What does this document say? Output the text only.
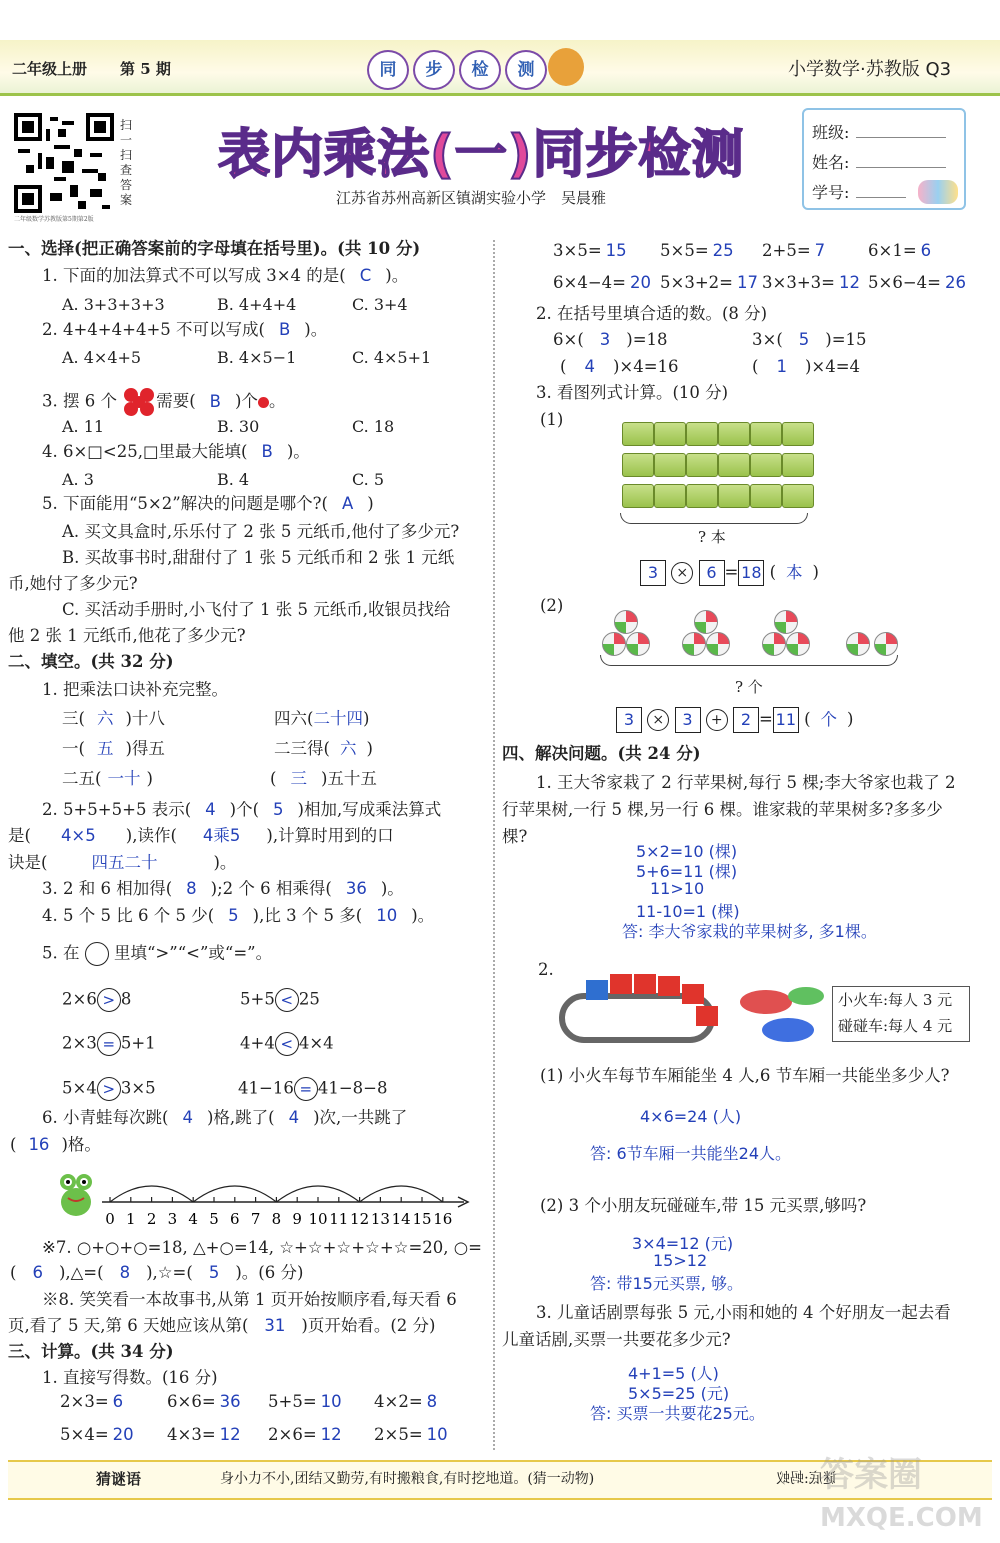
二年级上册 第 5 期	同	步	检	测	小学数学·苏教版 Q3
扫一扫 查答案
二年级数学苏教版第5期第2版
表内乘法(一)同步检测
江苏省苏州高新区镇湖实验小学　吴晨雅
班级:
姓名:
学号:
一、选择(把正确答案前的字母填在括号里)。(共 10 分)
1. 下面的加法算式不可以写成 3×4 的是( C )。
A. 3+3+3+3	B. 4+4+4	C. 3+4
2. 4+4+4+4+5 不可以写成( B )。
A. 4×4+5	B. 4×5−1	C. 4×5+1
3. 摆 6 个 需要( B )个 。
A. 11	B. 30	C. 18
4. 6×□<25,□里最大能填( B )。
A. 3	B. 4	C. 5
5. 下面能用“5×2”解决的问题是哪个?( A )
A. 买文具盒时,乐乐付了 2 张 5 元纸币,他付了多少元?
B. 买故事书时,甜甜付了 1 张 5 元纸币和 2 张 1 元纸
币,她付了多少元?
C. 买活动手册时,小飞付了 1 张 5 元纸币,收银员找给
他 2 张 1 元纸币,他花了多少元?
二、填空。(共 32 分)
1. 把乘法口诀补充完整。
三( 六 )十八	四六(二十四)
一( 五 )得五	二三得( 六 )
二五( 一十 )	( 三 )五十五
2. 5+5+5+5 表示( 4 )个( 5 )相加,写成乘法算式
是( 4×5 ),读作( 4乘5 ),计算时用到的口
诀是(	四五二十	)。
3. 2 和 6 相加得( 8 );2 个 6 相乘得( 36 )。
4. 5 个 5 比 6 个 5 少( 5 ),比 3 个 5 多( 10 )。
5. 在 里填“>”“<”或“=”。
2×6 > 8	5+5 < 25
2×3 = 5+1	4+4 < 4×4
5×4 > 3×5	41−16 = 41−8−8
6. 小青蛙每次跳( 4 )格,跳了( 4 )次,一共跳了
( 16 )格。
0 1 2 3 4 5 6 7 8 9 10 11 12 13 14 15 16
※7. ○+○+○=18, △+○=14, ☆+☆+☆+☆+☆=20, ○=
( 6 ),△=( 8 ),☆=( 5 )。(6 分)
※8. 笑笑看一本故事书,从第 1 页开始按顺序看,每天看 6
页,看了 5 天,第 6 天她应该从第( 31 )页开始看。(2 分)
三、计算。(共 34 分)
1. 直接写得数。(16 分)
2. 在括号里填合适的数。(8 分)
6×( 3 )=18	3×( 5 )=15
( 4 )×4=16	( 1 )×4=4
3. 看图列式计算。(10 分)
(1)
? 本
3 × 6 = 18 ( 本 )
(2)
? 个
3 × 3 + 2 = 11 ( 个 )
四、解决问题。(共 24 分)
1. 王大爷家栽了 2 行苹果树,每行 5 棵;李大爷家也栽了 2
行苹果树,一行 5 棵,另一行 6 棵。谁家栽的苹果树多?多多少
棵?
5×2=10 (棵)
5+6=11 (棵)
11>10
11-10=1 (棵)
答: 李大爷家栽的苹果树多, 多1棵。
2.
小火车:每人 3 元
碰碰车:每人 4 元
(1) 小火车每节车厢能坐 4 人,6 节车厢一共能坐多少人?
4×6=24 (人)
答: 6节车厢一共能坐24人。
(2) 3 个小朋友玩碰碰车,带 15 元买票,够吗?
3×4=12 (元)
15>12
答: 带15元买票, 够。
3. 儿童话剧票每张 5 元,小雨和她的 4 个好朋友一起去看
儿童话剧,买票一共要花多少元?
4+1=5 (人)
5×5=25 (元)
答: 买票一共要花25元。
猜谜语	身小力不小,团结又勤劳,有时搬粮食,有时挖地道。(猜一动物)	谜底:蚂蚁
答案圈
MXQE.COM
2×3= 6	6×6= 36 5+5= 10 4×2= 8
5×4= 20 4×3= 12 2×6= 12 2×5= 10
3×5= 15 5×5= 25 2+5= 7	6×1= 6
6×4−4= 20 5×3+2= 17 3×3+3= 12 5×6−4= 26
